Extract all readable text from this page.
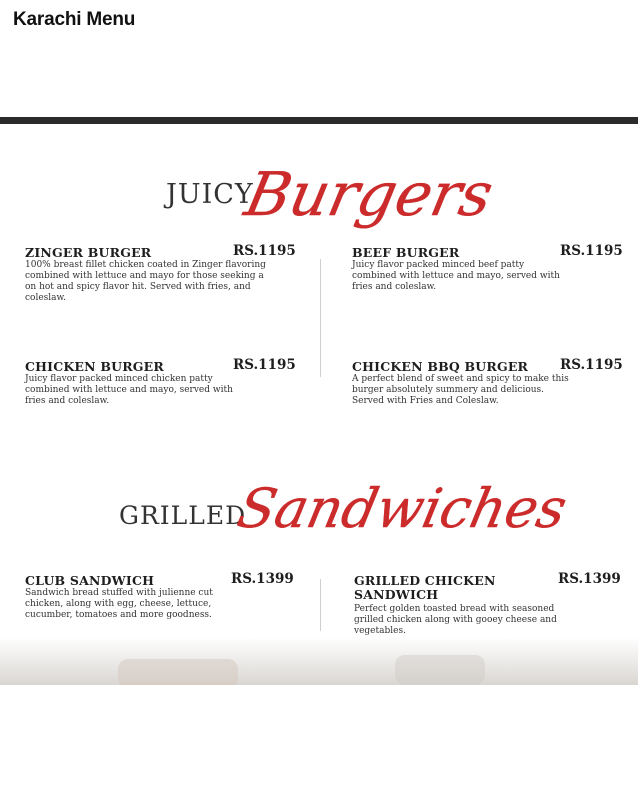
Karachi Menu
JUICY
Burgers
ZINGER BURGER	RS.1195
100% breast fillet chicken coated in Zinger flavoring combined with lettuce and mayo for those seeking a on hot and spicy flavor hit. Served with fries, and coleslaw.
BEEF BURGER	RS.1195
Juicy flavor packed minced beef patty combined with lettuce and mayo, served with fries and coleslaw.
CHICKEN BURGER	RS.1195
Juicy flavor packed minced chicken patty combined with lettuce and mayo, served with fries and coleslaw.
CHICKEN BBQ BURGER RS.1195
A perfect blend of sweet and spicy to make this burger absolutely summery and delicious. Served with Fries and Coleslaw.
GRILLED
Sandwiches
CLUB SANDWICH	RS.1399
Sandwich bread stuffed with julienne cut chicken, along with egg, cheese, lettuce, cucumber, tomatoes and more goodness.
GRILLED CHICKEN SANDWICH
RS.1399
Perfect golden toasted bread with seasoned grilled chicken along with gooey cheese and vegetables.
